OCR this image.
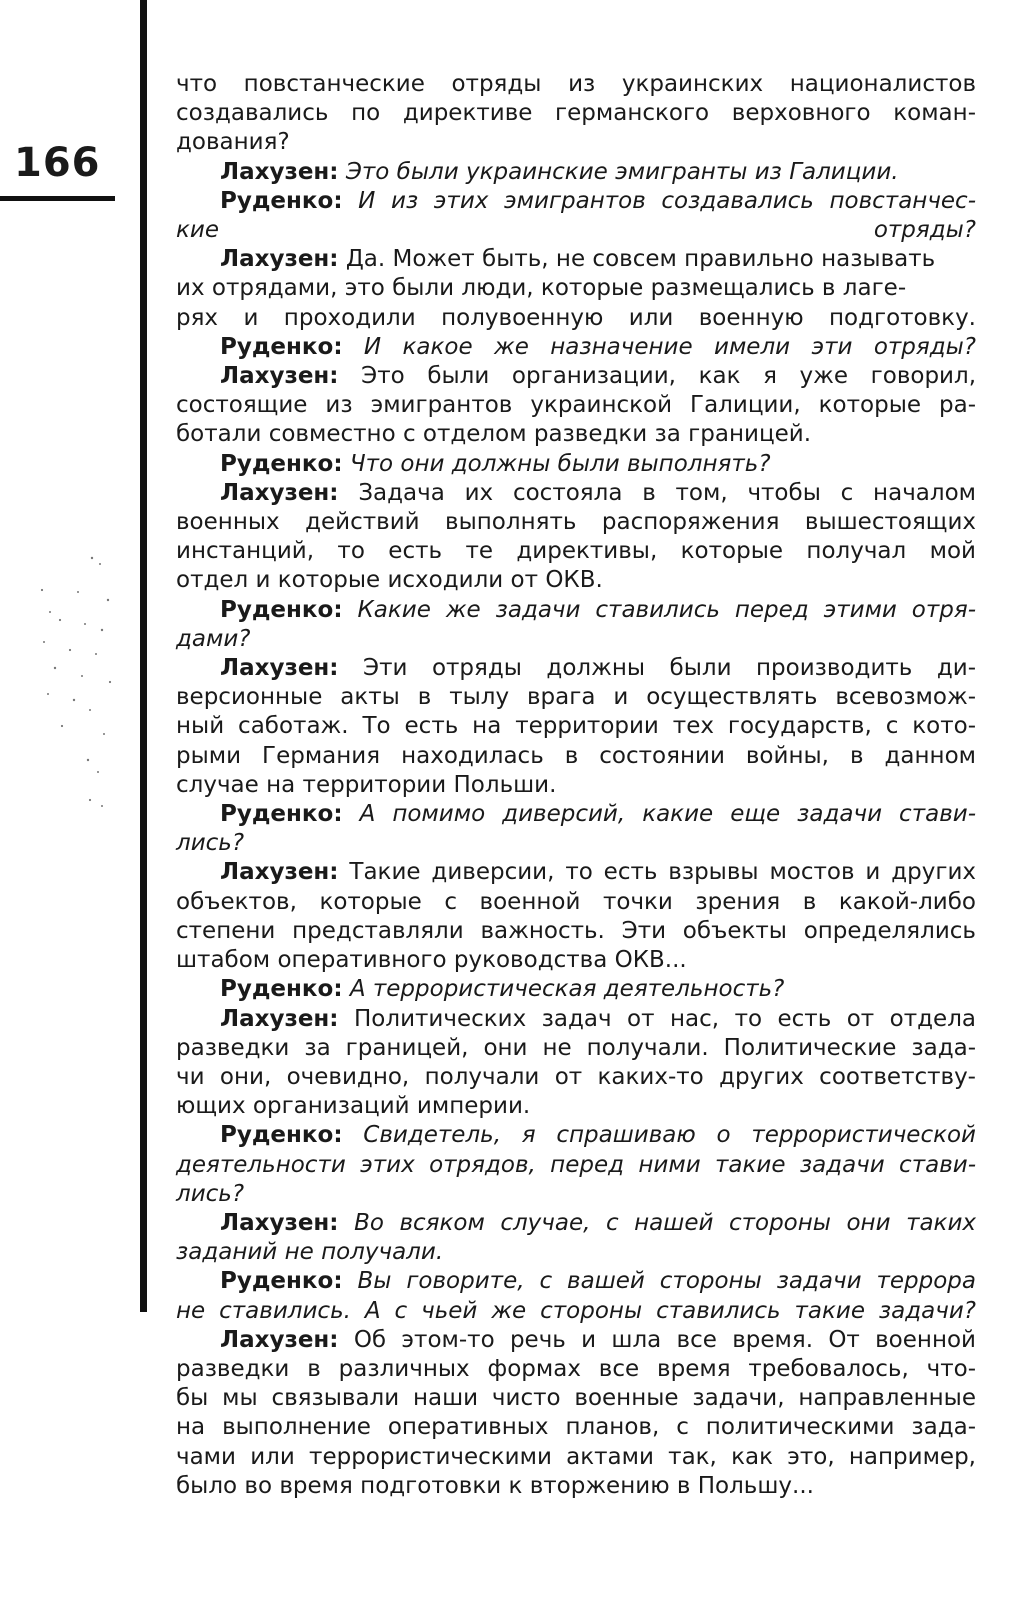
166
что повстанческие отряды из украинских националистов
создавались по директиве германского верховного коман-
дования?
Лахузен: Это были украинские эмигранты из Галиции.
Руденко: И из этих эмигрантов создавались повстанчес-
кие отряды?
Лахузен: Да. Может быть, не совсем правильно называть
их отрядами, это были люди, которые размещались в лаге-
рях и проходили полувоенную или военную подготовку.
Руденко: И какое же назначение имели эти отряды?
Лахузен: Это были организации, как я уже говорил,
состоящие из эмигрантов украинской Галиции, которые ра-
ботали совместно с отделом разведки за границей.
Руденко: Что они должны были выполнять?
Лахузен: Задача их состояла в том, чтобы с началом
военных действий выполнять распоряжения вышестоящих
инстанций, то есть те директивы, которые получал мой
отдел и которые исходили от ОКВ.
Руденко: Какие же задачи ставились перед этими отря-
дами?
Лахузен: Эти отряды должны были производить ди-
версионные акты в тылу врага и осуществлять всевозмож-
ный саботаж. То есть на территории тех государств, с кото-
рыми Германия находилась в состоянии войны, в данном
случае на территории Польши.
Руденко: А помимо диверсий, какие еще задачи стави-
лись?
Лахузен: Такие диверсии, то есть взрывы мостов и других
объектов, которые с военной точки зрения в какой-либо
степени представляли важность. Эти объекты определялись
штабом оперативного руководства ОКВ...
Руденко: А террористическая деятельность?
Лахузен: Политических задач от нас, то есть от отдела
разведки за границей, они не получали. Политические зада-
чи они, очевидно, получали от каких-то других соответству-
ющих организаций империи.
Руденко: Свидетель, я спрашиваю о террористической
деятельности этих отрядов, перед ними такие задачи стави-
лись?
Лахузен: Во всяком случае, с нашей стороны они таких
заданий не получали.
Руденко: Вы говорите, с вашей стороны задачи террора
не ставились. А с чьей же стороны ставились такие задачи?
Лахузен: Об этом-то речь и шла все время. От военной
разведки в различных формах все время требовалось, что-
бы мы связывали наши чисто военные задачи, направленные
на выполнение оперативных планов, с политическими зада-
чами или террористическими актами так, как это, например,
было во время подготовки к вторжению в Польшу...
